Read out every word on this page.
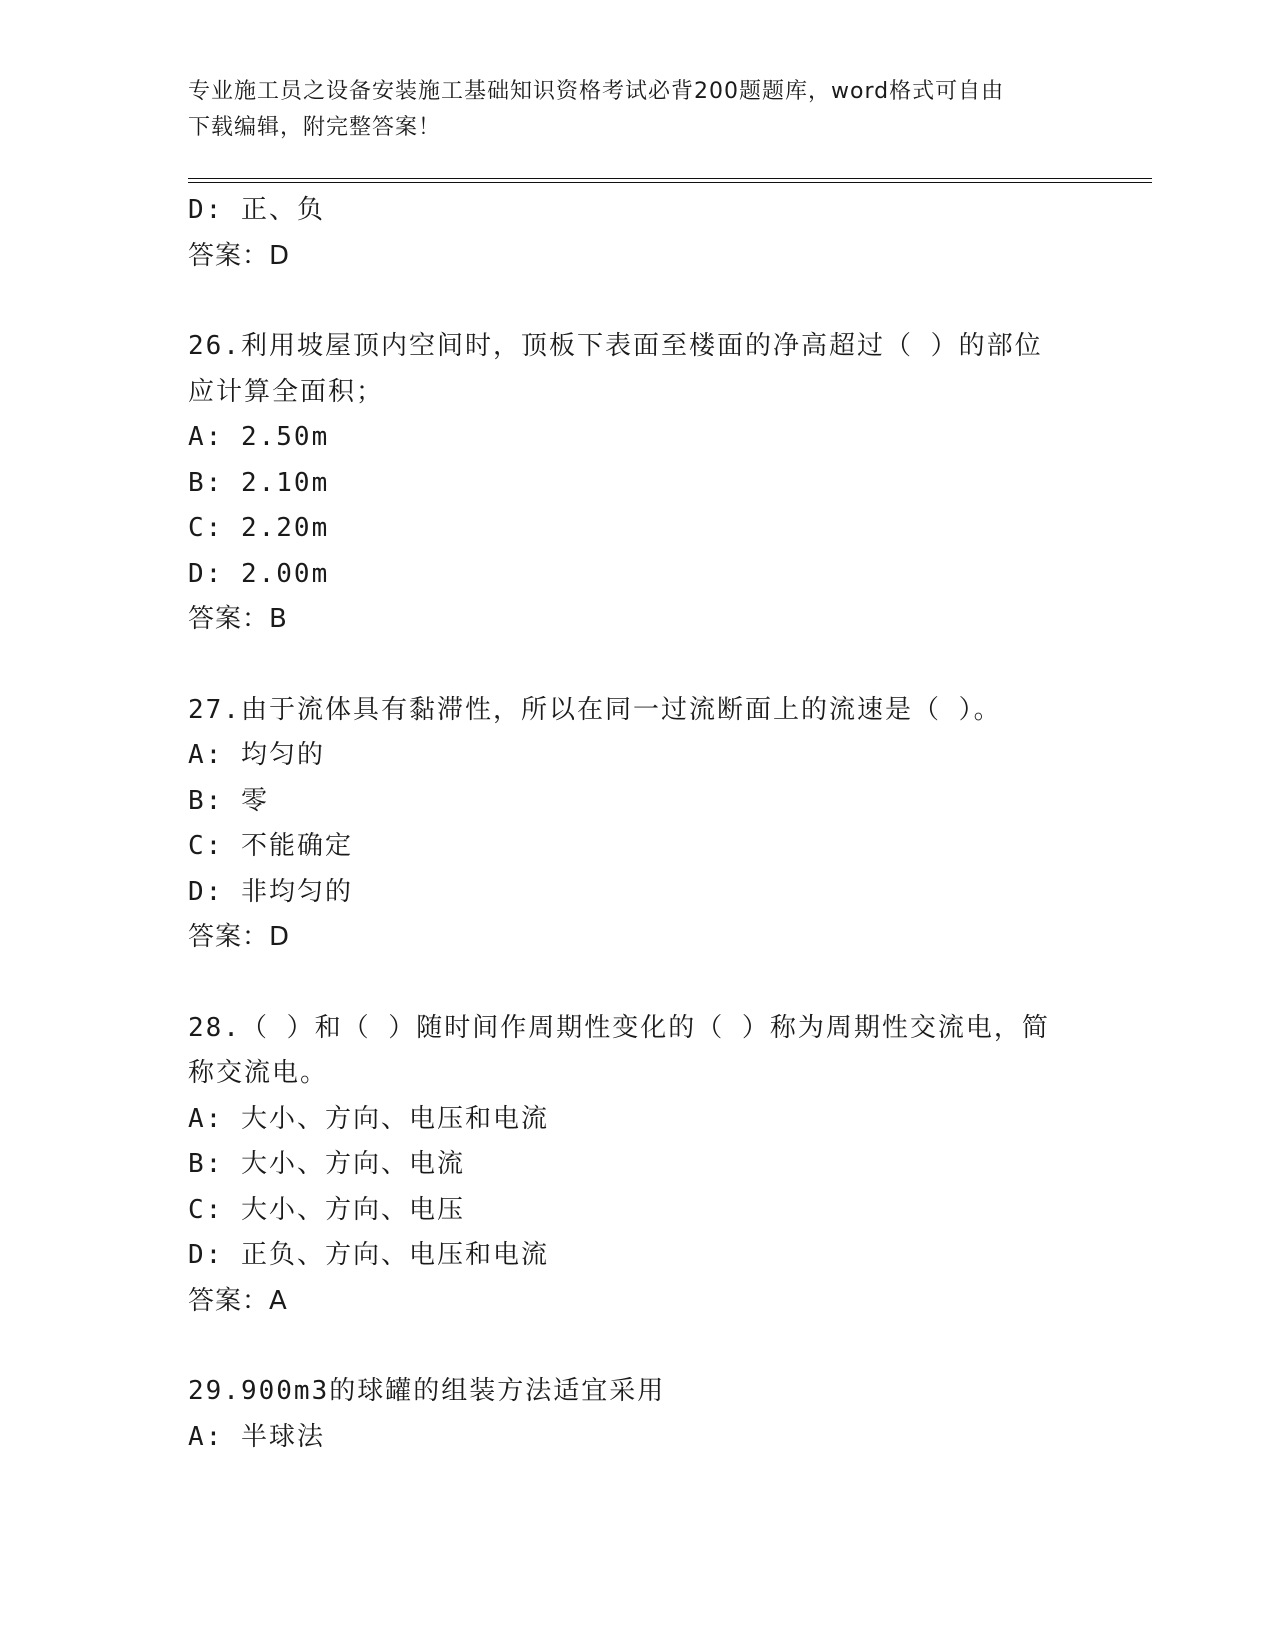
专业施工员之设备安装施工基础知识资格考试必背200题题库，word格式可自由
下载编辑，附完整答案！
D: 正、负
答案：D
26.利用坡屋顶内空间时，顶板下表面至楼面的净高超过（ ）的部位
应计算全面积；
A: 2.50m
B: 2.10m
C: 2.20m
D: 2.00m
答案：B
27.由于流体具有黏滞性，所以在同一过流断面上的流速是（ ）。
A: 均匀的
B: 零
C: 不能确定
D: 非均匀的
答案：D
28.（ ）和（ ）随时间作周期性变化的（ ）称为周期性交流电，简
称交流电。
A: 大小、方向、电压和电流
B: 大小、方向、电流
C: 大小、方向、电压
D: 正负、方向、电压和电流
答案：A
29.900m3的球罐的组装方法适宜采用
A: 半球法
